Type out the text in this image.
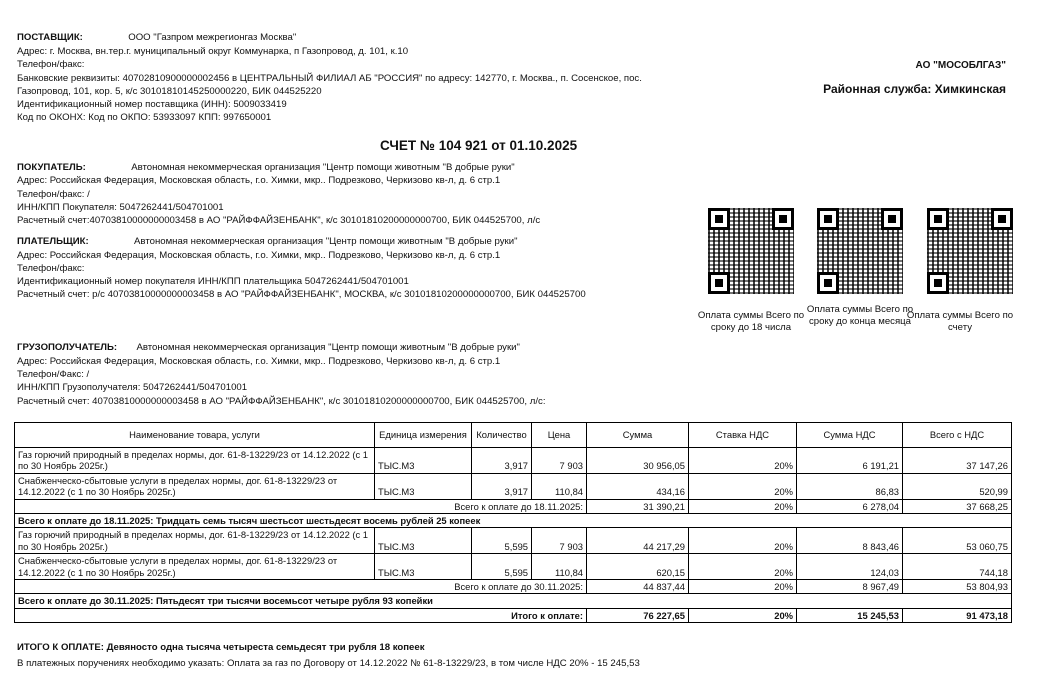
ПОСТАВЩИК:	ООО "Газпром межрегионгаз Москва"
Адрес: г. Москва, вн.тер.г. муниципальный округ Коммунарка, п Газопровод, д. 101, к.10
Телефон/факс:
Банковские реквизиты: 40702810900000002456 в ЦЕНТРАЛЬНЫЙ ФИЛИАЛ АБ "РОССИЯ" по адресу: 142770, г. Москва., п. Сосенское, пос.
Газопровод, 101, кор. 5, к/с 30101810145250000220, БИК 044525220
Идентификационный номер поставщика (ИНН): 5009033419
Код по ОКОНХ: Код по ОКПО: 53933097 КПП: 997650001
АО "МОСОБЛГАЗ"
Районная служба: Химкинская
СЧЕТ № 104 921 от 01.10.2025
ПОКУПАТЕЛЬ:	Автономная некоммерческая организация "Центр помощи животным "В добрые руки"
Адрес: Российская Федерация, Московская область, г.о. Химки, мкр.. Подрезково, Черкизово кв-л, д. 6 стр.1
Телефон/факс: /
ИНН/КПП Покупателя: 5047262441/504701001
Расчетный счет:40703810000000003458 в АО "РАЙФФАЙЗЕНБАНК", к/с 30101810200000000700, БИК 044525700, л/с
ПЛАТЕЛЬЩИК:	Автономная некоммерческая организация "Центр помощи животным "В добрые руки"
Адрес: Российская Федерация, Московская область, г.о. Химки, мкр.. Подрезково, Черкизово кв-л, д. 6 стр.1
Телефон/факс:
Идентификационный номер покупателя ИНН/КПП плательщика 5047262441/504701001
Расчетный счет: р/с 40703810000000003458 в АО "РАЙФФАЙЗЕНБАНК", МОСКВА, к/с 30101810200000000700, БИК 044525700
Оплата суммы Всего по сроку до 18 числа
Оплата суммы Всего по сроку до конца месяца
Оплата суммы Всего по счету
ГРУЗОПОЛУЧАТЕЛЬ: Автономная некоммерческая организация "Центр помощи животным "В добрые руки"
Адрес: Российская Федерация, Московская область, г.о. Химки, мкр.. Подрезково, Черкизово кв-л, д. 6 стр.1
Телефон/Факс: /
ИНН/КПП Грузополучателя: 5047262441/504701001
Расчетный счет: 40703810000000003458 в АО "РАЙФФАЙЗЕНБАНК", к/с 30101810200000000700, БИК 044525700, л/с:
Наименование товара, услуги	Единица измерения	Количество	Цена	Сумма	Ставка НДС	Сумма НДС	Всего с НДС
Газ горючий природный в пределах нормы, дог. 61-8-13229/23 от 14.12.2022 (с 1 по 30 Ноябрь 2025г.)	ТЫС.М3	3,917	7 903	30 956,05	20%	6 191,21	37 147,26
Снабженческо-сбытовые услуги в пределах нормы, дог. 61-8-13229/23 от 14.12.2022 (с 1 по 30 Ноябрь 2025г.)	ТЫС.М3	3,917	110,84	434,16	20%	86,83	520,99
Всего к оплате до 18.11.2025:				31 390,21	20%	6 278,04	37 668,25
Всего к оплате до 18.11.2025: Тридцать семь тысяч шестьсот шестьдесят восемь рублей 25 копеек							
Газ горючий природный в пределах нормы, дог. 61-8-13229/23 от 14.12.2022 (с 1 по 30 Ноябрь 2025г.)	ТЫС.М3	5,595	7 903	44 217,29	20%	8 843,46	53 060,75
Снабженческо-сбытовые услуги в пределах нормы, дог. 61-8-13229/23 от 14.12.2022 (с 1 по 30 Ноябрь 2025г.)	ТЫС.М3	5,595	110,84	620,15	20%	124,03	744,18
Всего к оплате до 30.11.2025:				44 837,44	20%	8 967,49	53 804,93
Всего к оплате до 30.11.2025: Пятьдесят три тысячи восемьсот четыре рубля 93 копейки							
Итого к оплате:				76 227,65	20%	15 245,53	91 473,18
ИТОГО К ОПЛАТЕ: Девяносто одна тысяча четыреста семьдесят три рубля 18 копеек
В платежных поручениях необходимо указать: Оплата за газ по Договору от 14.12.2022 № 61-8-13229/23, в том числе НДС 20% - 15 245,53
